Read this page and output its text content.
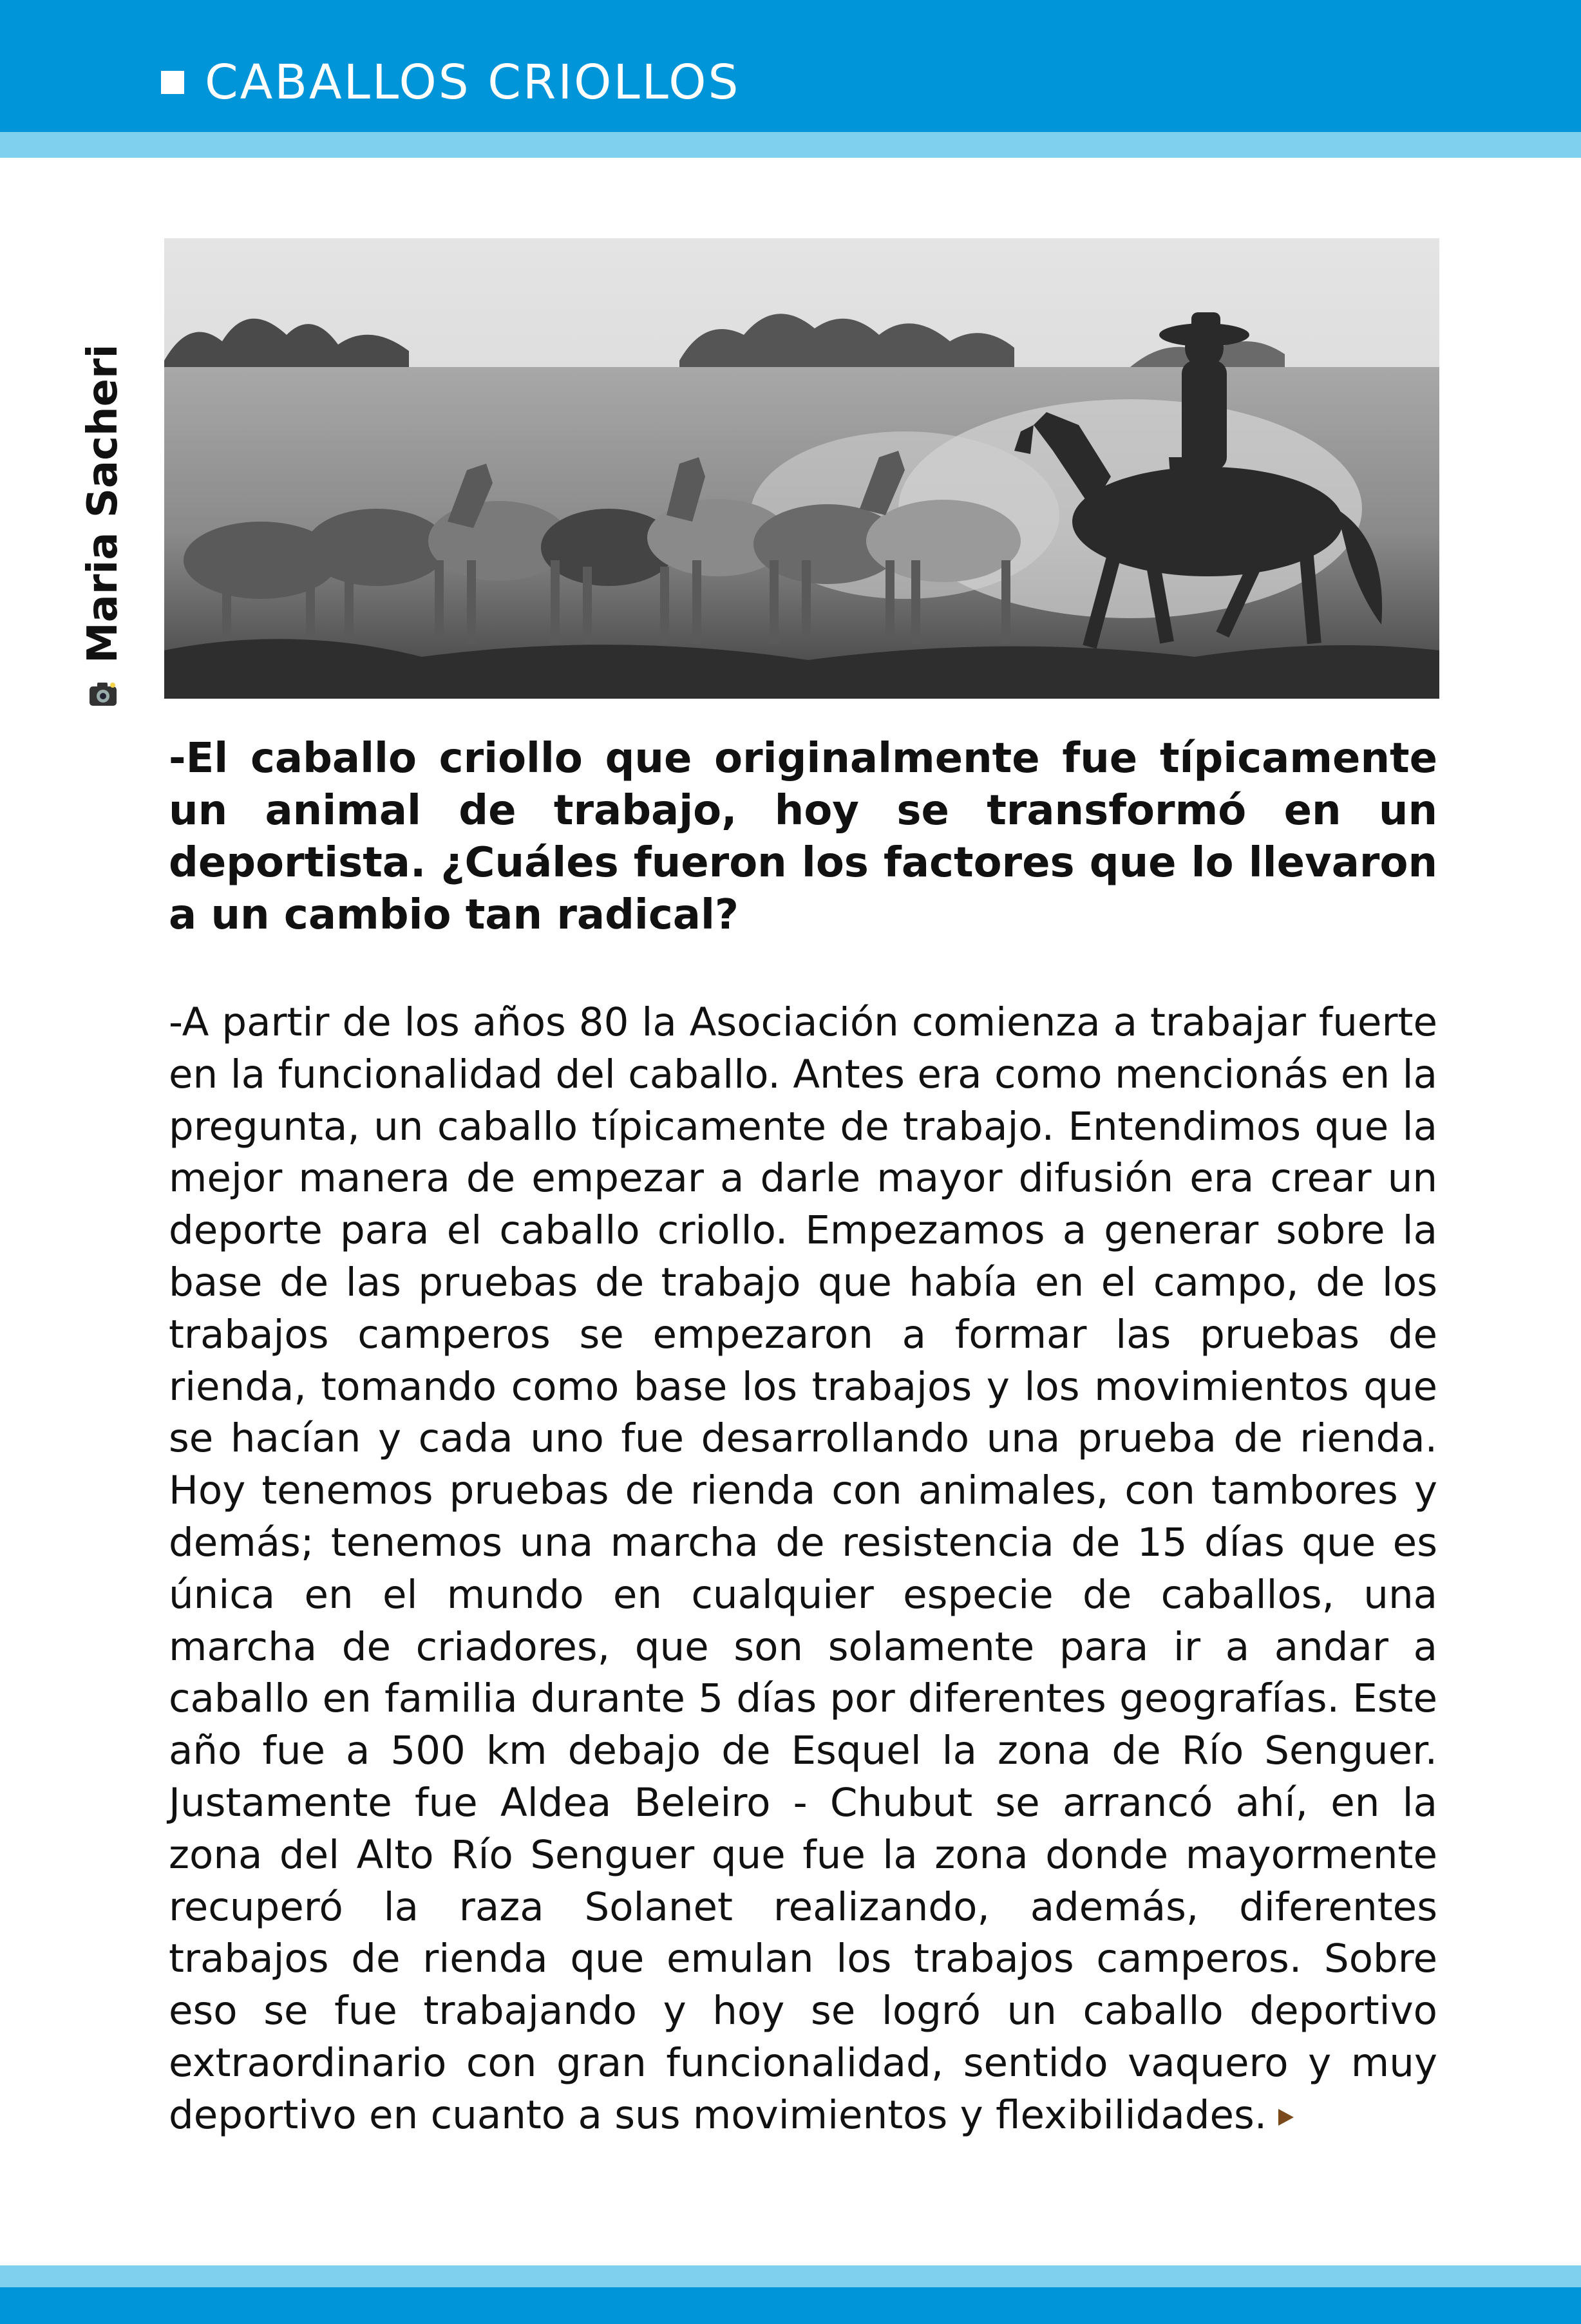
CABALLOS CRIOLLOS
Maria Sacheri
-El caballo criollo que originalmente fue típicamente un animal de trabajo, hoy se transformó en un deportista. ¿Cuáles fueron los factores que lo llevaron a un cambio tan radical?
-A partir de los años 80 la Asociación comienza a trabajar fuerte en la funcionalidad del caballo. Antes era como mencionás en la pregunta, un caballo típicamente de trabajo. Entendimos que la mejor manera de empezar a darle mayor difusión era crear un deporte para el caballo criollo. Empezamos a generar sobre la base de las pruebas de trabajo que había en el campo, de los trabajos camperos se empezaron a formar las pruebas de rienda, tomando como base los trabajos y los movimientos que se hacían y cada uno fue desarrollando una prueba de rienda. Hoy tenemos pruebas de rienda con animales, con tambores y demás; tenemos una marcha de resistencia de 15 días que es única en el mundo en cualquier especie de caballos, una marcha de criadores, que son solamente para ir a andar a caballo en familia durante 5 días por diferentes geografías. Este año fue a 500 km debajo de Esquel la zona de Río Senguer. Justamente fue Aldea Beleiro - Chubut se arrancó ahí, en la zona del Alto Río Senguer que fue la zona donde mayormente recuperó la raza Solanet realizando, además, diferentes trabajos de rienda que emulan los trabajos camperos. Sobre eso se fue trabajando y hoy se logró un caballo deportivo extraordinario con gran funcionalidad, sentido vaquero y muy deportivo en cuanto a sus movimientos y flexibilidades.
